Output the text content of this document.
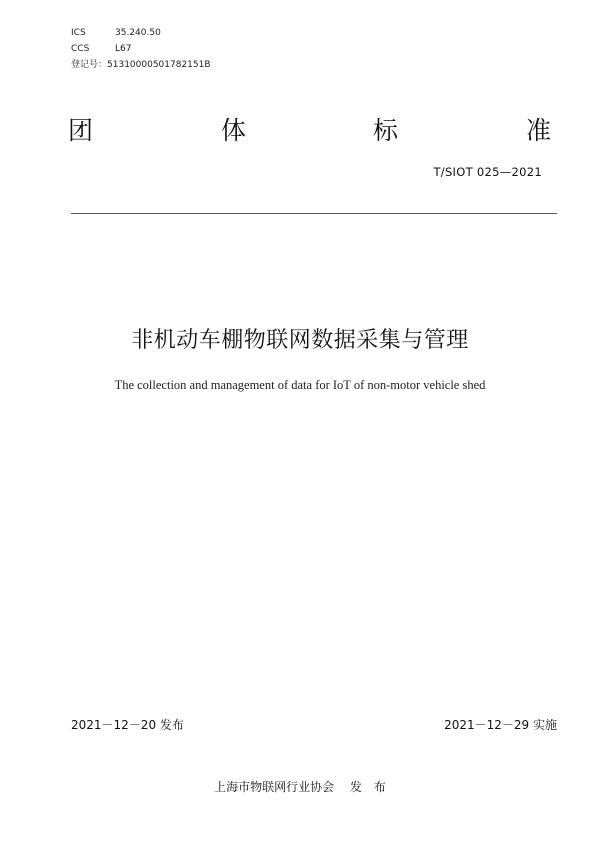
ICS	35.240.50
CCS	L67
登记号：51310000501782151B
团	体	标	准
T/SIOT 025—2021
非机动车棚物联网数据采集与管理
The collection and management of data for IoT of non-motor vehicle shed
2021－12－20 发布	2021－12－29 实施
上海市物联网行业协会　 发　布
